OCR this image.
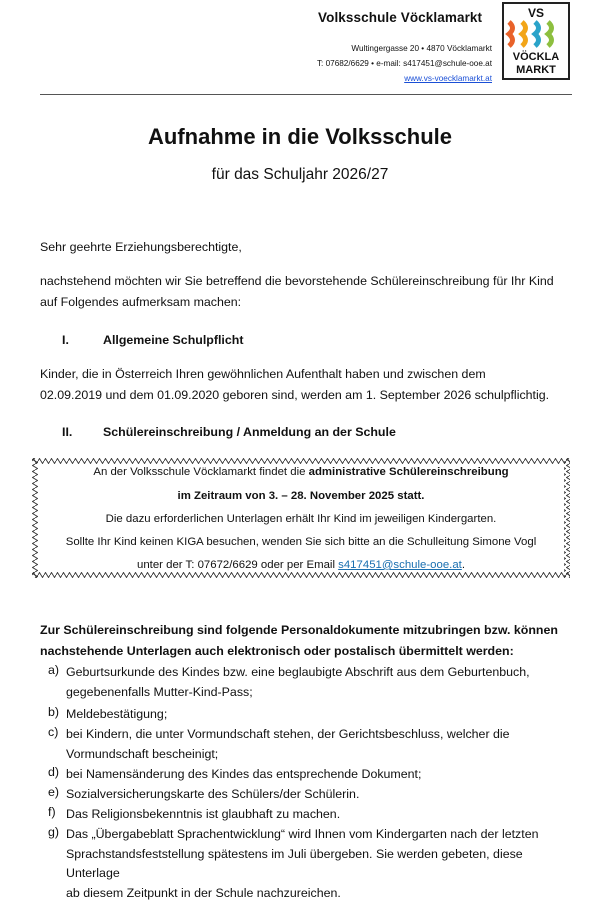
Volksschule Vöcklamarkt
Wultingergasse 20 • 4870 Vöcklamarkt
T: 07682/6629 • e-mail: s417451@schule-ooe.at
www.vs-voecklamarkt.at
VS
VÖCKLA
MARKT
Aufnahme in die Volksschule
für das Schuljahr 2026/27
Sehr geehrte Erziehungsberechtigte,
nachstehend möchten wir Sie betreffend die bevorstehende Schülereinschreibung für Ihr Kind
auf Folgendes aufmerksam machen:
I.	Allgemeine Schulpflicht
Kinder, die in Österreich Ihren gewöhnlichen Aufenthalt haben und zwischen dem
02.09.2019 und dem 01.09.2020 geboren sind, werden am 1. September 2026 schulpflichtig.
II. Schülereinschreibung / Anmeldung an der Schule
An der Volksschule Vöcklamarkt findet die administrative Schülereinschreibung
im Zeitraum von 3. – 28. November 2025 statt.
Die dazu erforderlichen Unterlagen erhält Ihr Kind im jeweiligen Kindergarten.
Sollte Ihr Kind keinen KIGA besuchen, wenden Sie sich bitte an die Schulleitung Simone Vogl
unter der T: 07672/6629 oder per Email s417451@schule-ooe.at.
Zur Schülereinschreibung sind folgende Personaldokumente mitzubringen bzw. können
nachstehende Unterlagen auch elektronisch oder postalisch übermittelt werden:
a) Geburtsurkunde des Kindes bzw. eine beglaubigte Abschrift aus dem Geburtenbuch,
gegebenenfalls Mutter-Kind-Pass;
b) Meldebestätigung;
c) bei Kindern, die unter Vormundschaft stehen, der Gerichtsbeschluss, welcher die
Vormundschaft bescheinigt;
d) bei Namensänderung des Kindes das entsprechende Dokument;
e) Sozialversicherungskarte des Schülers/der Schülerin.
f) Das Religionsbekenntnis ist glaubhaft zu machen.
g) Das „Übergabeblatt Sprachentwicklung“ wird Ihnen vom Kindergarten nach der letzten
Sprachstandsfeststellung spätestens im Juli übergeben. Sie werden gebeten, diese Unterlage
ab diesem Zeitpunkt in der Schule nachzureichen.
